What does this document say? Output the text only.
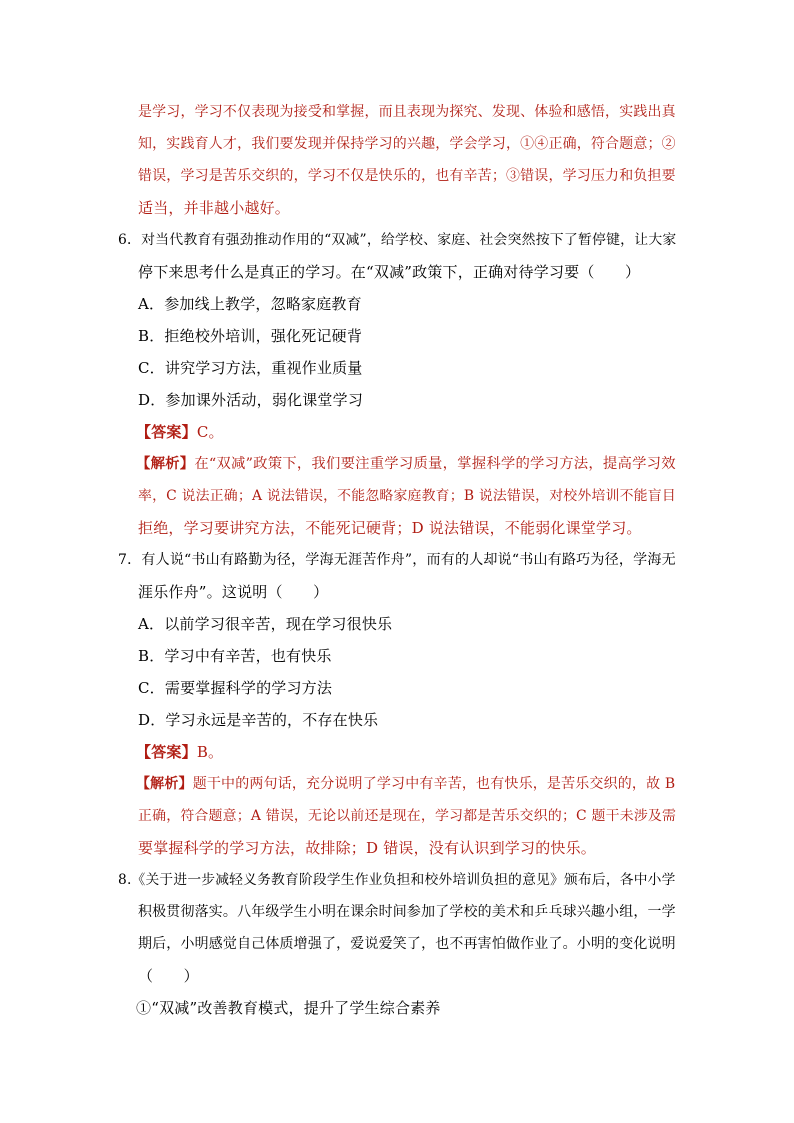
是学习，学习不仅表现为接受和掌握，而且表现为探究、发现、体验和感悟，实践出真
知，实践育人才，我们要发现并保持学习的兴趣，学会学习，①④正确，符合题意；②
错误，学习是苦乐交织的，学习不仅是快乐的，也有辛苦；③错误，学习压力和负担要
适当，并非越小越好。
6．对当代教育有强劲推动作用的“双减”，给学校、家庭、社会突然按下了暂停键，让大家
停下来思考什么是真正的学习。在“双减”政策下，正确对待学习要（　　）
A．参加线上教学，忽略家庭教育
B．拒绝校外培训，强化死记硬背
C．讲究学习方法，重视作业质量
D．参加课外活动，弱化课堂学习
【答案】C。
【解析】在“双减”政策下，我们要注重学习质量，掌握科学的学习方法，提高学习效
率，C 说法正确；A 说法错误，不能忽略家庭教育；B 说法错误，对校外培训不能盲目
拒绝，学习要讲究方法，不能死记硬背；D 说法错误，不能弱化课堂学习。
7．有人说“书山有路勤为径，学海无涯苦作舟”，而有的人却说“书山有路巧为径，学海无
涯乐作舟”。这说明（　　）
A．以前学习很辛苦，现在学习很快乐
B．学习中有辛苦，也有快乐
C．需要掌握科学的学习方法
D．学习永远是辛苦的，不存在快乐
【答案】B。
【解析】题干中的两句话，充分说明了学习中有辛苦，也有快乐，是苦乐交织的，故 B
正确，符合题意；A 错误，无论以前还是现在，学习都是苦乐交织的；C 题干未涉及需
要掌握科学的学习方法，故排除；D 错误，没有认识到学习的快乐。
8.《关于进一步减轻义务教育阶段学生作业负担和校外培训负担的意见》颁布后，各中小学
积极贯彻落实。八年级学生小明在课余时间参加了学校的美术和乒乓球兴趣小组，一学
期后，小明感觉自己体质增强了，爱说爱笑了，也不再害怕做作业了。小明的变化说明
（　　）
①“双减”改善教育模式，提升了学生综合素养
